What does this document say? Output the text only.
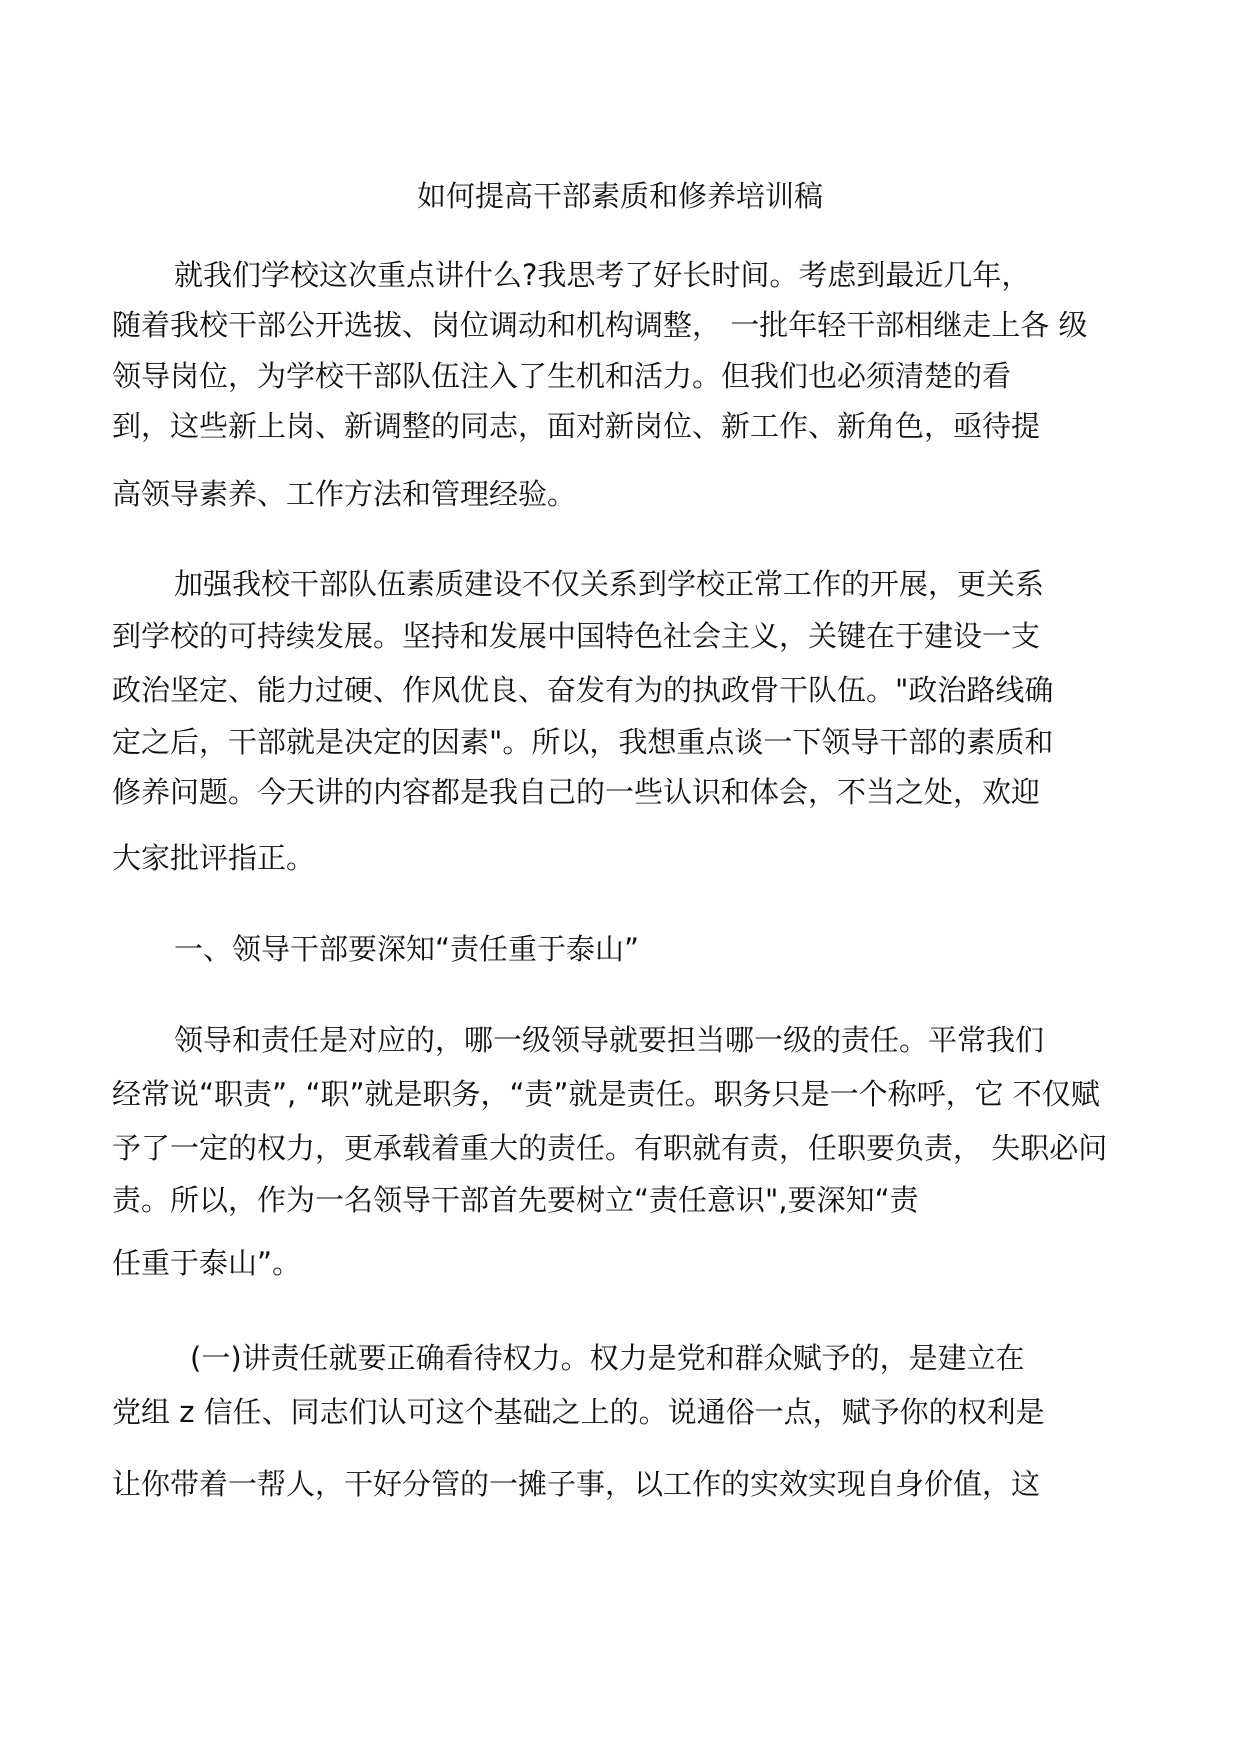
如何提高干部素质和修养培训稿
就我们学校这次重点讲什么?我思考了好长时间。考虑到最近几年，
随着我校干部公开选拔、岗位调动和机构调整， 一批年轻干部相继走上各 级
领导岗位，为学校干部队伍注入了生机和活力。但我们也必须清楚的看
到，这些新上岗、新调整的同志，面对新岗位、新工作、新角色，亟待提
高领导素养、工作方法和管理经验。
加强我校干部队伍素质建设不仅关系到学校正常工作的开展，更关系
到学校的可持续发展。坚持和发展中国特色社会主义，关键在于建设一支
政治坚定、能力过硬、作风优良、奋发有为的执政骨干队伍。"政治路线确
定之后，干部就是决定的因素"。所以，我想重点谈一下领导干部的素质和
修养问题。今天讲的内容都是我自己的一些认识和体会，不当之处，欢迎
大家批评指正。
一、领导干部要深知“责任重于泰山”
领导和责任是对应的，哪一级领导就要担当哪一级的责任。平常我们
经常说“职责”, “职”就是职务，“责”就是责任。职务只是一个称呼，它 不仅赋
予了一定的权力，更承载着重大的责任。有职就有责，任职要负责， 失职必问
责。所以，作为一名领导干部首先要树立“责任意识",要深知“责
任重于泰山”。
(一)讲责任就要正确看待权力。权力是党和群众赋予的，是建立在
党组 z 信任、同志们认可这个基础之上的。说通俗一点，赋予你的权利是
让你带着一帮人，干好分管的一摊子事，以工作的实效实现自身价值，这
